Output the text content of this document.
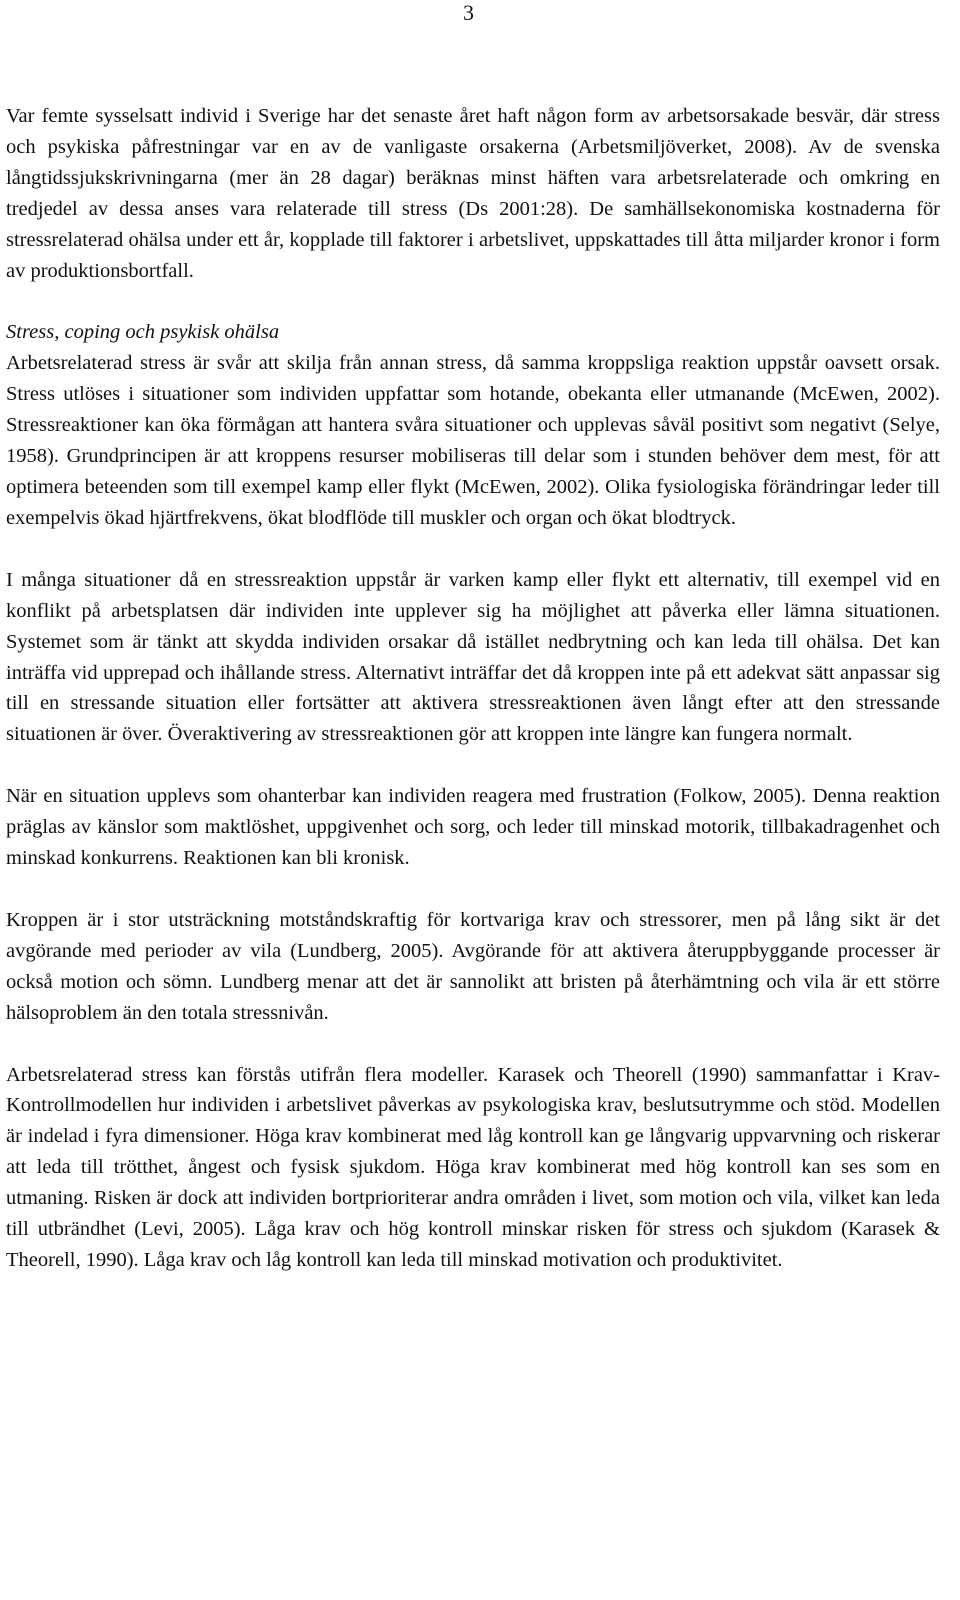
3

Var femte sysselsatt individ i Sverige har det senaste året haft någon form av arbetsorsakade besvär, där stress och psykiska påfrestningar var en av de vanligaste orsakerna (Arbetsmiljöverket, 2008). Av de svenska långtidssjukskrivningarna (mer än 28 dagar) beräknas minst häften vara arbetsrelaterade och omkring en tredjedel av dessa anses vara relaterade till stress (Ds 2001:28). De samhällsekonomiska kostnaderna för stressrelaterad ohälsa under ett år, kopplade till faktorer i arbetslivet, uppskattades till åtta miljarder kronor i form av produktionsbortfall.

Stress, coping och psykisk ohälsa

Arbetsrelaterad stress är svår att skilja från annan stress, då samma kroppsliga reaktion uppstår oavsett orsak. Stress utlöses i situationer som individen uppfattar som hotande, obekanta eller utmanande (McEwen, 2002). Stressreaktioner kan öka förmågan att hantera svåra situationer och upplevas såväl positivt som negativt (Selye, 1958). Grundprincipen är att kroppens resurser mobiliseras till delar som i stunden behöver dem mest, för att optimera beteenden som till exempel kamp eller flykt (McEwen, 2002). Olika fysiologiska förändringar leder till exempelvis ökad hjärtfrekvens, ökat blodflöde till muskler och organ och ökat blodtryck.

I många situationer då en stressreaktion uppstår är varken kamp eller flykt ett alternativ, till exempel vid en konflikt på arbetsplatsen där individen inte upplever sig ha möjlighet att påverka eller lämna situationen. Systemet som är tänkt att skydda individen orsakar då istället nedbrytning och kan leda till ohälsa. Det kan inträffa vid upprepad och ihållande stress. Alternativt inträffar det då kroppen inte på ett adekvat sätt anpassar sig till en stressande situation eller fortsätter att aktivera stressreaktionen även långt efter att den stressande situationen är över. Överaktivering av stressreaktionen gör att kroppen inte längre kan fungera normalt.

När en situation upplevs som ohanterbar kan individen reagera med frustration (Folkow, 2005). Denna reaktion präglas av känslor som maktlöshet, uppgivenhet och sorg, och leder till minskad motorik, tillbakadragenhet och minskad konkurrens. Reaktionen kan bli kronisk.

Kroppen är i stor utsträckning motståndskraftig för kortvariga krav och stressorer, men på lång sikt är det avgörande med perioder av vila (Lundberg, 2005). Avgörande för att aktivera återuppbyggande processer är också motion och sömn. Lundberg menar att det är sannolikt att bristen på återhämtning och vila är ett större hälsoproblem än den totala stressnivån.

Arbetsrelaterad stress kan förstås utifrån flera modeller. Karasek och Theorell (1990) sammanfattar i Krav-Kontrollmodellen hur individen i arbetslivet påverkas av psykologiska krav, beslutsutrymme och stöd. Modellen är indelad i fyra dimensioner. Höga krav kombinerat med låg kontroll kan ge långvarig uppvarvning och riskerar att leda till trötthet, ångest och fysisk sjukdom. Höga krav kombinerat med hög kontroll kan ses som en utmaning. Risken är dock att individen bortprioriterar andra områden i livet, som motion och vila, vilket kan leda till utbrändhet (Levi, 2005). Låga krav och hög kontroll minskar risken för stress och sjukdom (Karasek & Theorell, 1990). Låga krav och låg kontroll kan leda till minskad motivation och produktivitet.
